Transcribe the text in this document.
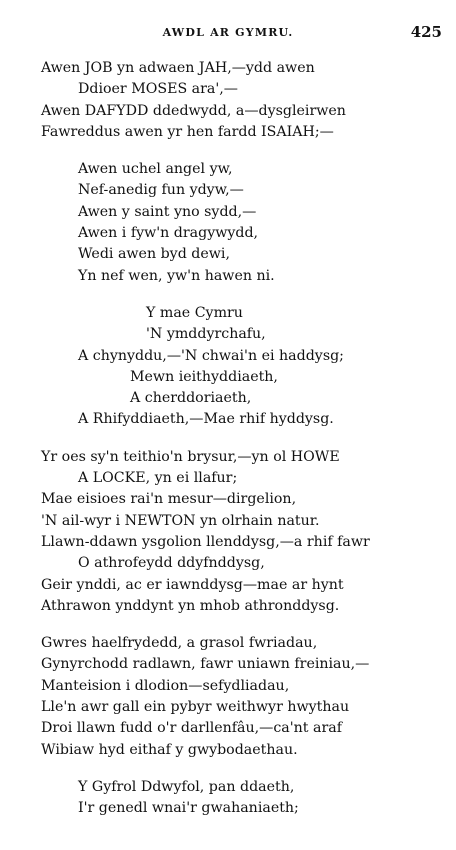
AWDL AR GYMRU.	425
Awen JOB yn adwaen JAH,—ydd awen
Ddioer MOSES ara',—
Awen DAFYDD ddedwydd, a—dysgleirwen
Fawreddus awen yr hen fardd ISAIAH;—
Awen uchel angel yw,
Nef-anedig fun ydyw,—
Awen y saint yno sydd,—
Awen i fyw'n dragywydd,
Wedi awen byd dewi,
Yn nef wen, yw'n hawen ni.
Y mae Cymru
'N ymddyrchafu,
A chynyddu,—'N chwai'n ei haddysg;
Mewn ieithyddiaeth,
A cherddoriaeth,
A Rhifyddiaeth,—Mae rhif hyddysg.
Yr oes sy'n teithio'n brysur,—yn ol HOWE
A LOCKE, yn ei llafur;
Mae eisioes rai'n mesur—dirgelion,
'N ail-wyr i NEWTON yn olrhain natur.
Llawn-ddawn ysgolion llenddysg,—a rhif fawr
O athrofeydd ddyfnddysg,
Geir ynddi, ac er iawnddysg—mae ar hynt
Athrawon ynddynt yn mhob athronddysg.
Gwres haelfrydedd, a grasol fwriadau,
Gynyrchodd radlawn, fawr uniawn freiniau,—
Manteision i dlodion—sefydliadau,
Lle'n awr gall ein pybyr weithwyr hwythau
Droi llawn fudd o'r darllenfâu,—ca'nt araf
Wibiaw hyd eithaf y gwybodaethau.
Y Gyfrol Ddwyfol, pan ddaeth,
I'r genedl wnai'r gwahaniaeth;
